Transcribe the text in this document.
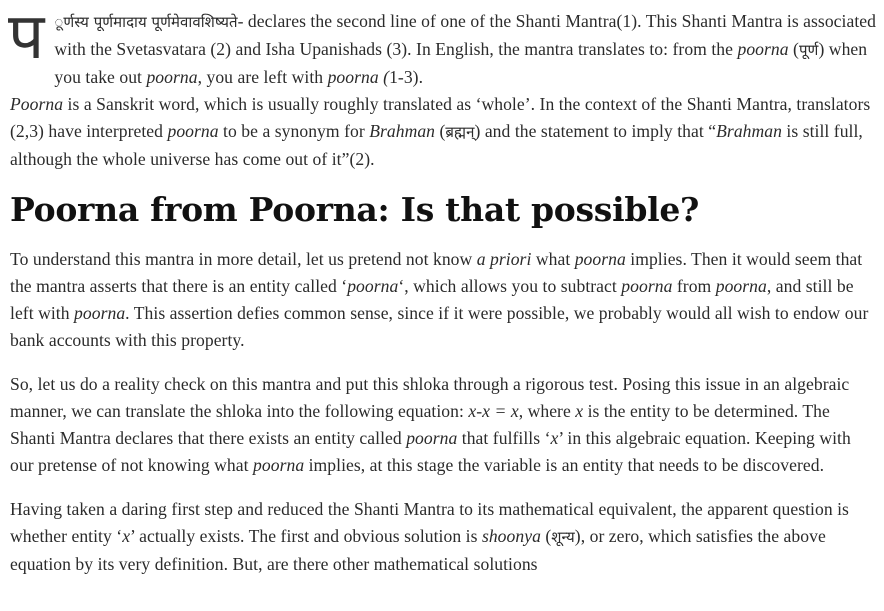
प ूर्णस्य पूर्णमादाय पूर्णमेवावशिष्यते- declares the second line of one of the Shanti Mantra(1). This Shanti Mantra is associated with the Svetasvatara (2) and Isha Upanishads (3). In English, the mantra translates to: from the poorna (पूर्ण) when you take out poorna, you are left with poorna (1-3).
Poorna is a Sanskrit word, which is usually roughly translated as ‘whole’. In the context of the Shanti Mantra, translators (2,3) have interpreted poorna to be a synonym for Brahman (ब्रह्मन्) and the statement to imply that “Brahman is still full, although the whole universe has come out of it”(2).

Poorna from Poorna: Is that possible?

To understand this mantra in more detail, let us pretend not know a priori what poorna implies. Then it would seem that the mantra asserts that there is an entity called ‘poorna‘, which allows you to subtract poorna from poorna, and still be left with poorna. This assertion defies common sense, since if it were possible, we probably would all wish to endow our bank accounts with this property.

So, let us do a reality check on this mantra and put this shloka through a rigorous test. Posing this issue in an algebraic manner, we can translate the shloka into the following equation: x-x = x, where x is the entity to be determined. The Shanti Mantra declares that there exists an entity called poorna that fulfills ‘x’ in this algebraic equation. Keeping with our pretense of not knowing what poorna implies, at this stage the variable is an entity that needs to be discovered.

Having taken a daring first step and reduced the Shanti Mantra to its mathematical equivalent, the apparent question is whether entity ‘x’ actually exists. The first and obvious solution is shoonya (शून्य), or zero, which satisfies the above equation by its very definition. But, are there other mathematical solutions
